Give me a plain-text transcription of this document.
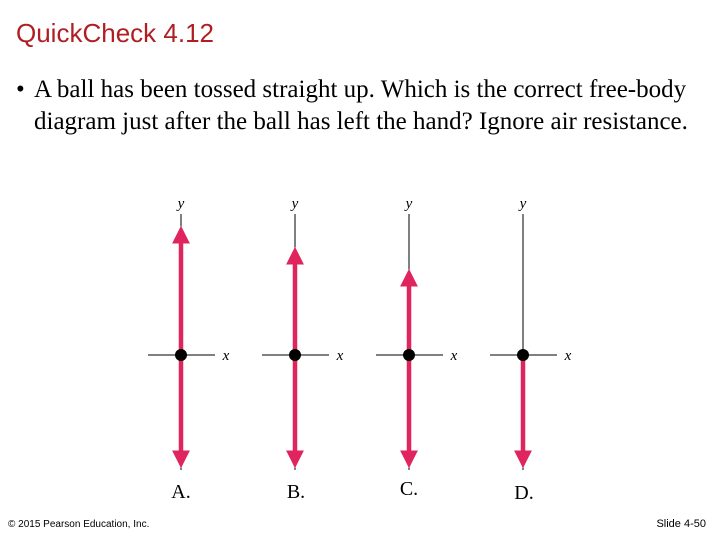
QuickCheck 4.12
• A ball has been tossed straight up. Which is the correct free-body diagram just after the ball has left the hand? Ignore air resistance.
y
x
A.
y
x
B.
y
x
C.
y
x
D.
© 2015 Pearson Education, Inc.	Slide 4-50
